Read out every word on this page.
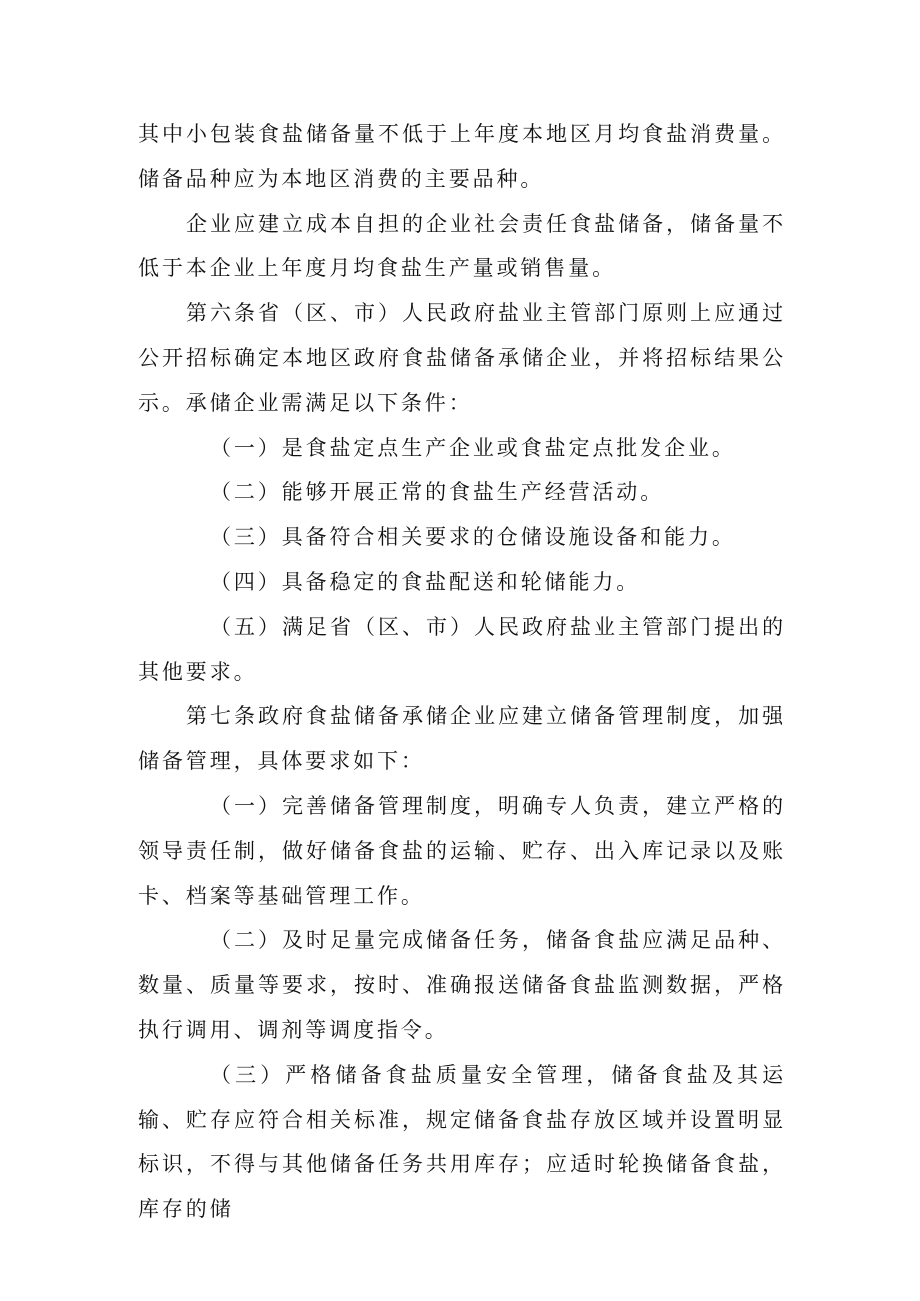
其中小包装食盐储备量不低于上年度本地区月均食盐消费量。储备品种应为本地区消费的主要品种。

企业应建立成本自担的企业社会责任食盐储备，储备量不低于本企业上年度月均食盐生产量或销售量。

第六条省（区、市）人民政府盐业主管部门原则上应通过公开招标确定本地区政府食盐储备承储企业，并将招标结果公示。承储企业需满足以下条件：

（一）是食盐定点生产企业或食盐定点批发企业。

（二）能够开展正常的食盐生产经营活动。

（三）具备符合相关要求的仓储设施设备和能力。

（四）具备稳定的食盐配送和轮储能力。

（五）满足省（区、市）人民政府盐业主管部门提出的其他要求。

第七条政府食盐储备承储企业应建立储备管理制度，加强储备管理，具体要求如下：

（一）完善储备管理制度，明确专人负责，建立严格的领导责任制，做好储备食盐的运输、贮存、出入库记录以及账卡、档案等基础管理工作。

（二）及时足量完成储备任务，储备食盐应满足品种、数量、质量等要求，按时、准确报送储备食盐监测数据，严格执行调用、调剂等调度指令。

（三）严格储备食盐质量安全管理，储备食盐及其运输、贮存应符合相关标准，规定储备食盐存放区域并设置明显标识，不得与其他储备任务共用库存；应适时轮换储备食盐，库存的储
